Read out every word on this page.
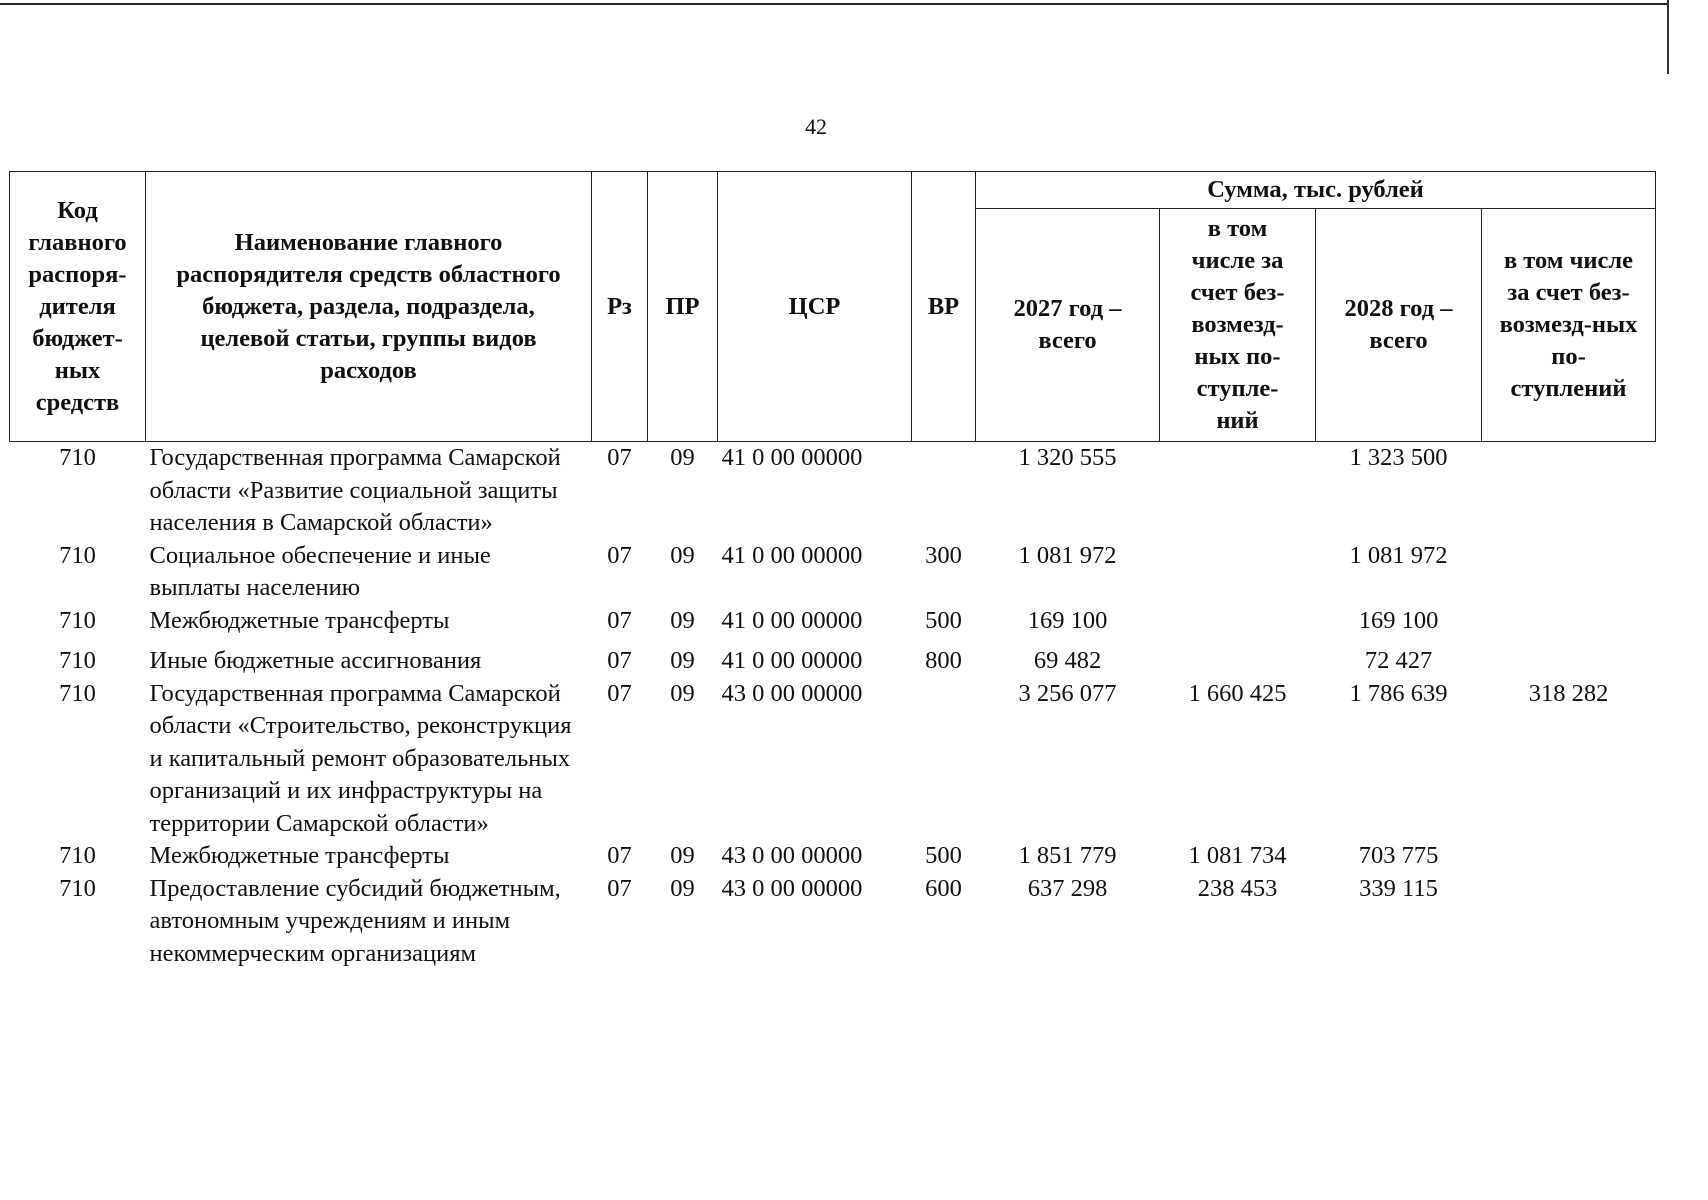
42
Код главного распоря-дителя бюджет-ных средств	Наименование главного распорядителя средств областного бюджета, раздела, подраздела, целевой статьи, группы видов расходов	Рз	ПР	ЦСР	ВР	Сумма, тыс. рублей			
						2027 год – всего	в том числе за счет без-возмезд-ных по-ступле-ний	2028 год – всего	в том числе за счет без-возмезд-ных по-ступлений
710	Государственная программа Самарской области «Развитие социальной защиты населения в Самарской области»	07	09	41 0 00 00000		1 320 555		1 323 500	
710	Социальное обеспечение и иные выплаты населению	07	09	41 0 00 00000	300	1 081 972		1 081 972	
710	Межбюджетные трансферты	07	09	41 0 00 00000	500	169 100		169 100	
710	Иные бюджетные ассигнования	07	09	41 0 00 00000	800	69 482		72 427	
710	Государственная программа Самарской области «Строительство, реконструкция и капитальный ремонт образовательных организаций и их инфраструктуры на территории Самарской области»	07	09	43 0 00 00000		3 256 077	1 660 425	1 786 639	318 282
710	Межбюджетные трансферты	07	09	43 0 00 00000	500	1 851 779	1 081 734	703 775	
710	Предоставление субсидий бюджетным, автономным учреждениям и иным некоммерческим организациям	07	09	43 0 00 00000	600	637 298	238 453	339 115	
